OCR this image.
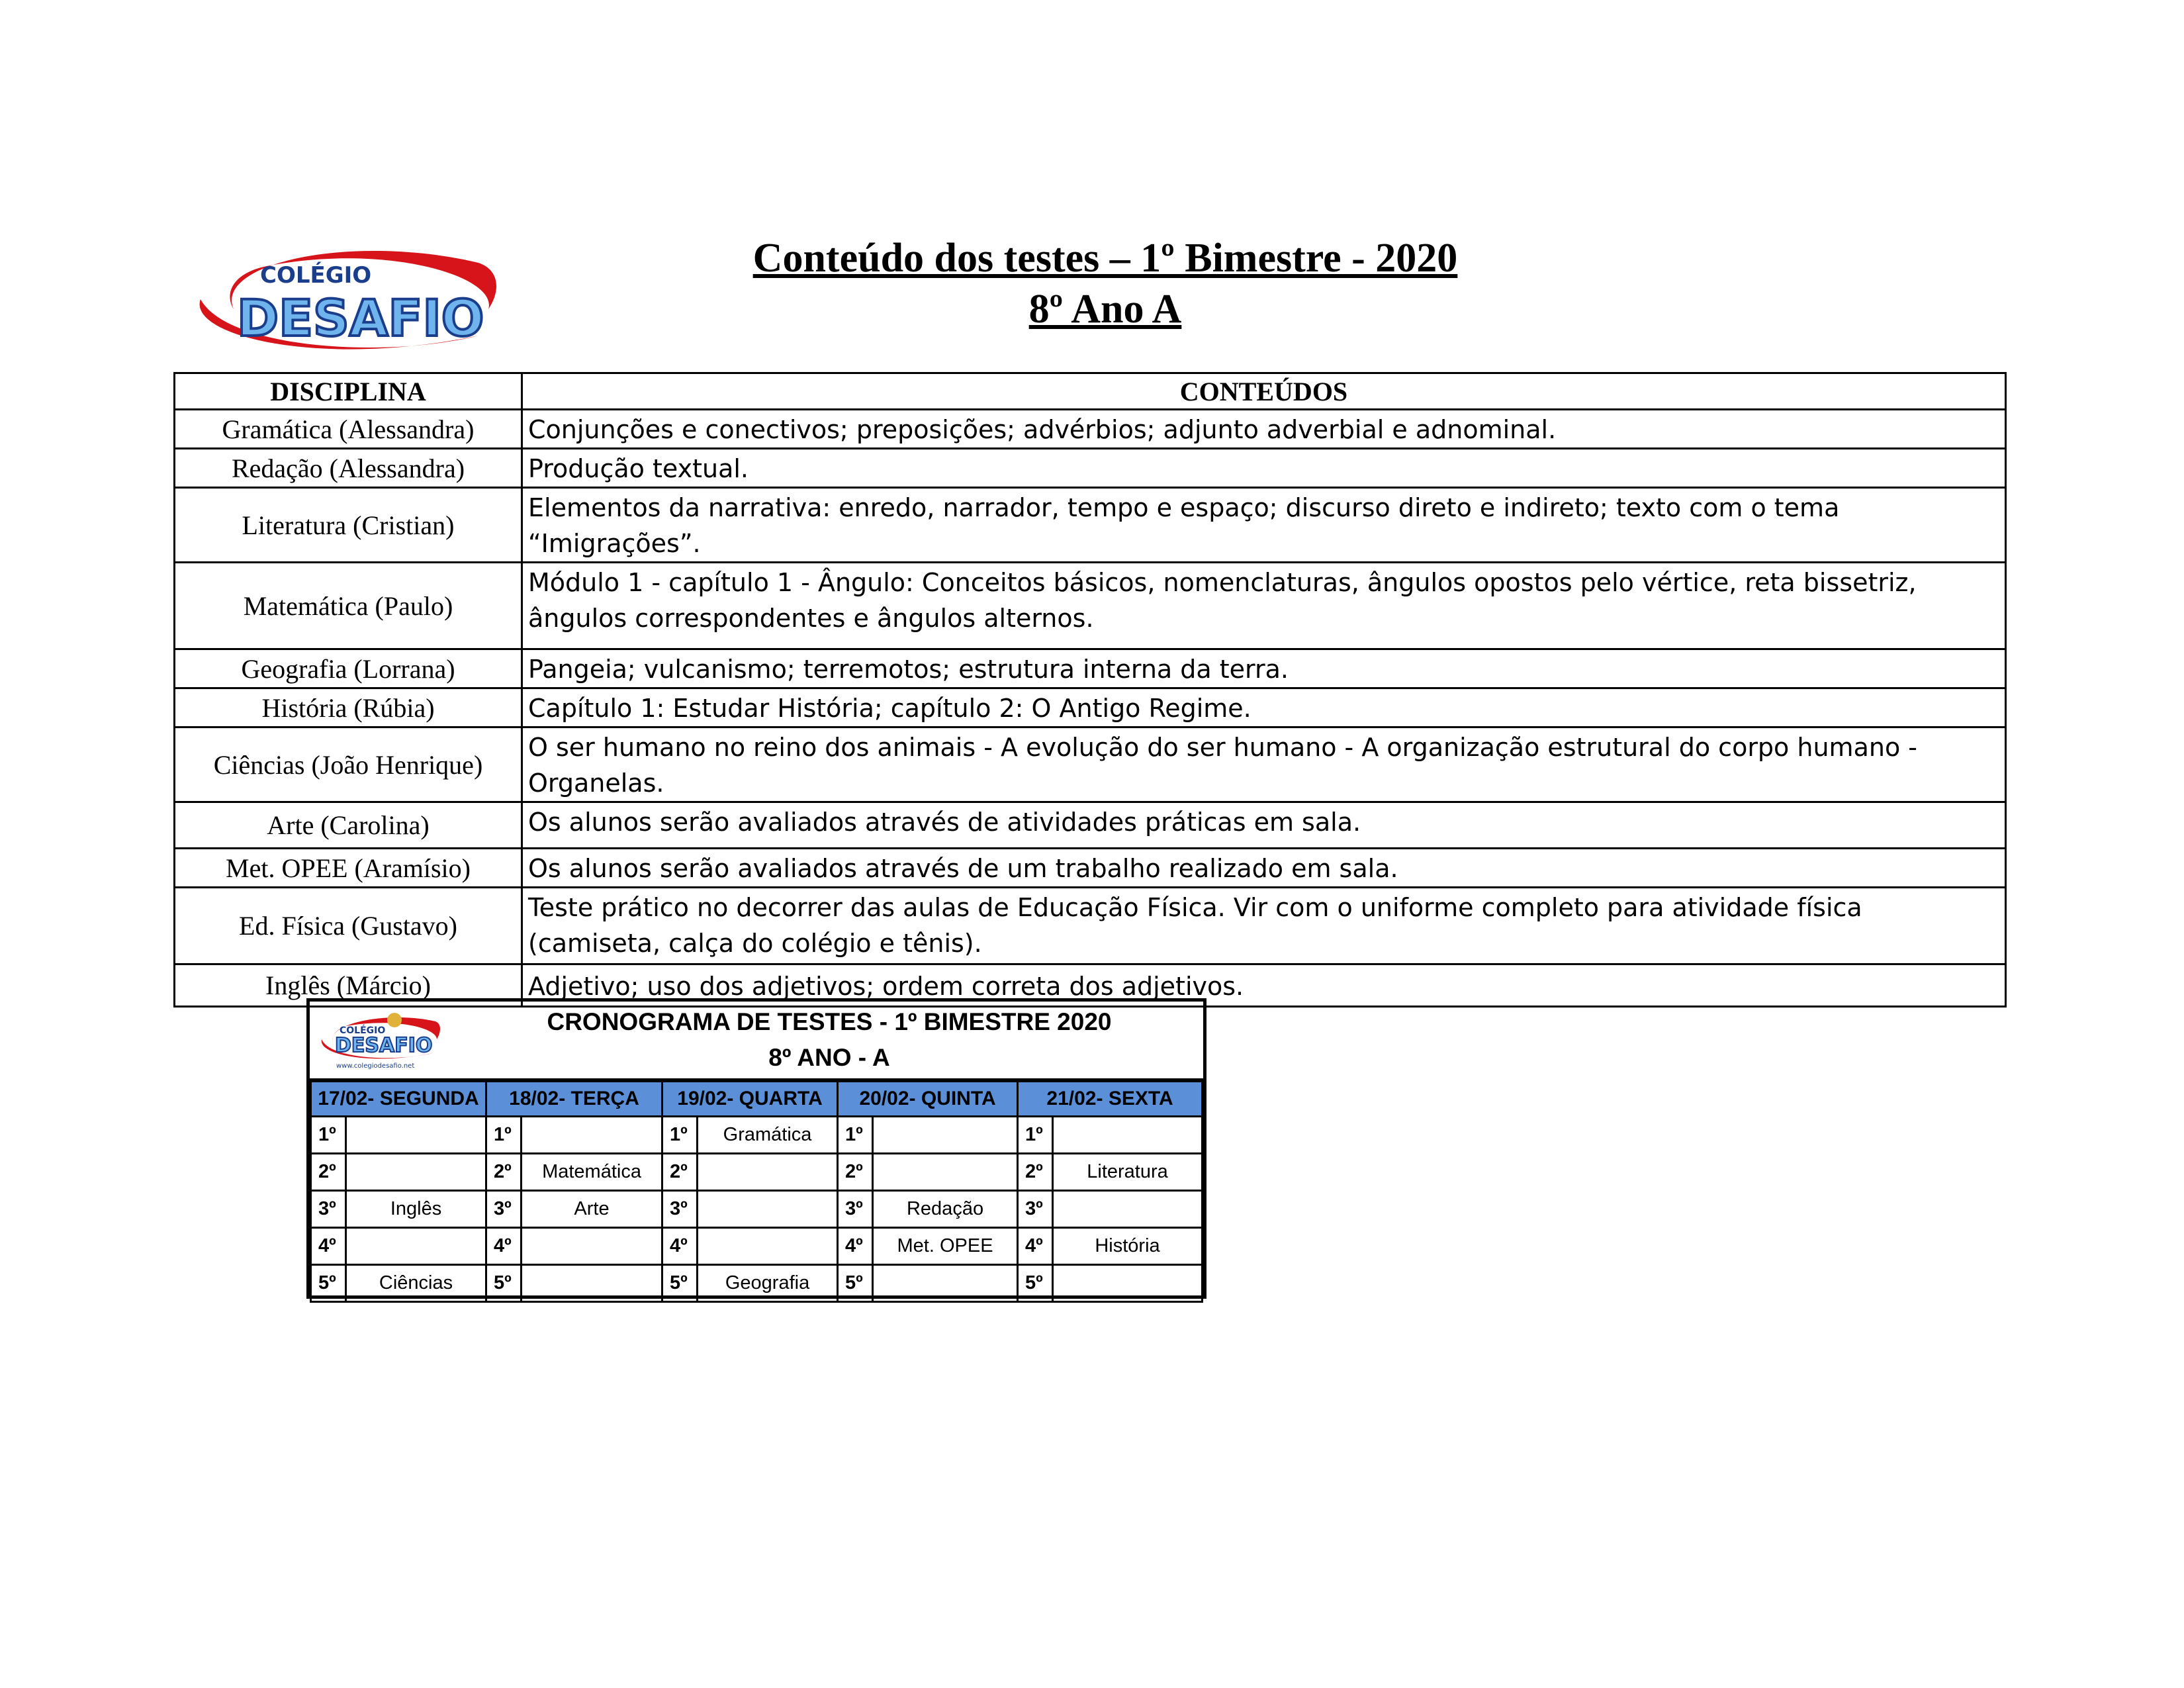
COLÉGIO
DESAFIO
Conteúdo dos testes – 1º Bimestre - 2020
8º Ano A
DISCIPLINA	CONTEÚDOS
Gramática (Alessandra)	Conjunções e conectivos; preposições; advérbios; adjunto adverbial e adnominal.
Redação (Alessandra)	Produção textual.
Literatura (Cristian)	Elementos da narrativa: enredo, narrador, tempo e espaço; discurso direto e indireto; texto com o tema “Imigrações”.
Matemática (Paulo)	Módulo 1 - capítulo 1 - Ângulo: Conceitos básicos, nomenclaturas, ângulos opostos pelo vértice, reta bissetriz, ângulos correspondentes e ângulos alternos.
Geografia (Lorrana)	Pangeia; vulcanismo; terremotos; estrutura interna da terra.
História (Rúbia)	Capítulo 1: Estudar História; capítulo 2: O Antigo Regime.
Ciências (João Henrique)	O ser humano no reino dos animais - A evolução do ser humano - A organização estrutural do corpo humano - Organelas.
Arte (Carolina)	Os alunos serão avaliados através de atividades práticas em sala.
Met. OPEE (Aramísio)	Os alunos serão avaliados através de um trabalho realizado em sala.
Ed. Física (Gustavo)	Teste prático no decorrer das aulas de Educação Física. Vir com o uniforme completo para atividade física (camiseta, calça do colégio e tênis).
Inglês (Márcio)	Adjetivo; uso dos adjetivos; ordem correta dos adjetivos.
COLÉGIO
DESAFIO
www.colegiodesafio.net
CRONOGRAMA DE TESTES - 1º BIMESTRE 2020
8º ANO - A
17/02- SEGUNDA		18/02- TERÇA		19/02- QUARTA		20/02- QUINTA		21/02- SEXTA	
1º		1º		1º	Gramática	1º		1º	
2º		2º	Matemática	2º		2º		2º	Literatura
3º	Inglês	3º	Arte	3º		3º	Redação	3º	
4º		4º		4º		4º	Met. OPEE	4º	História
5º	Ciências	5º		5º	Geografia	5º		5º	
